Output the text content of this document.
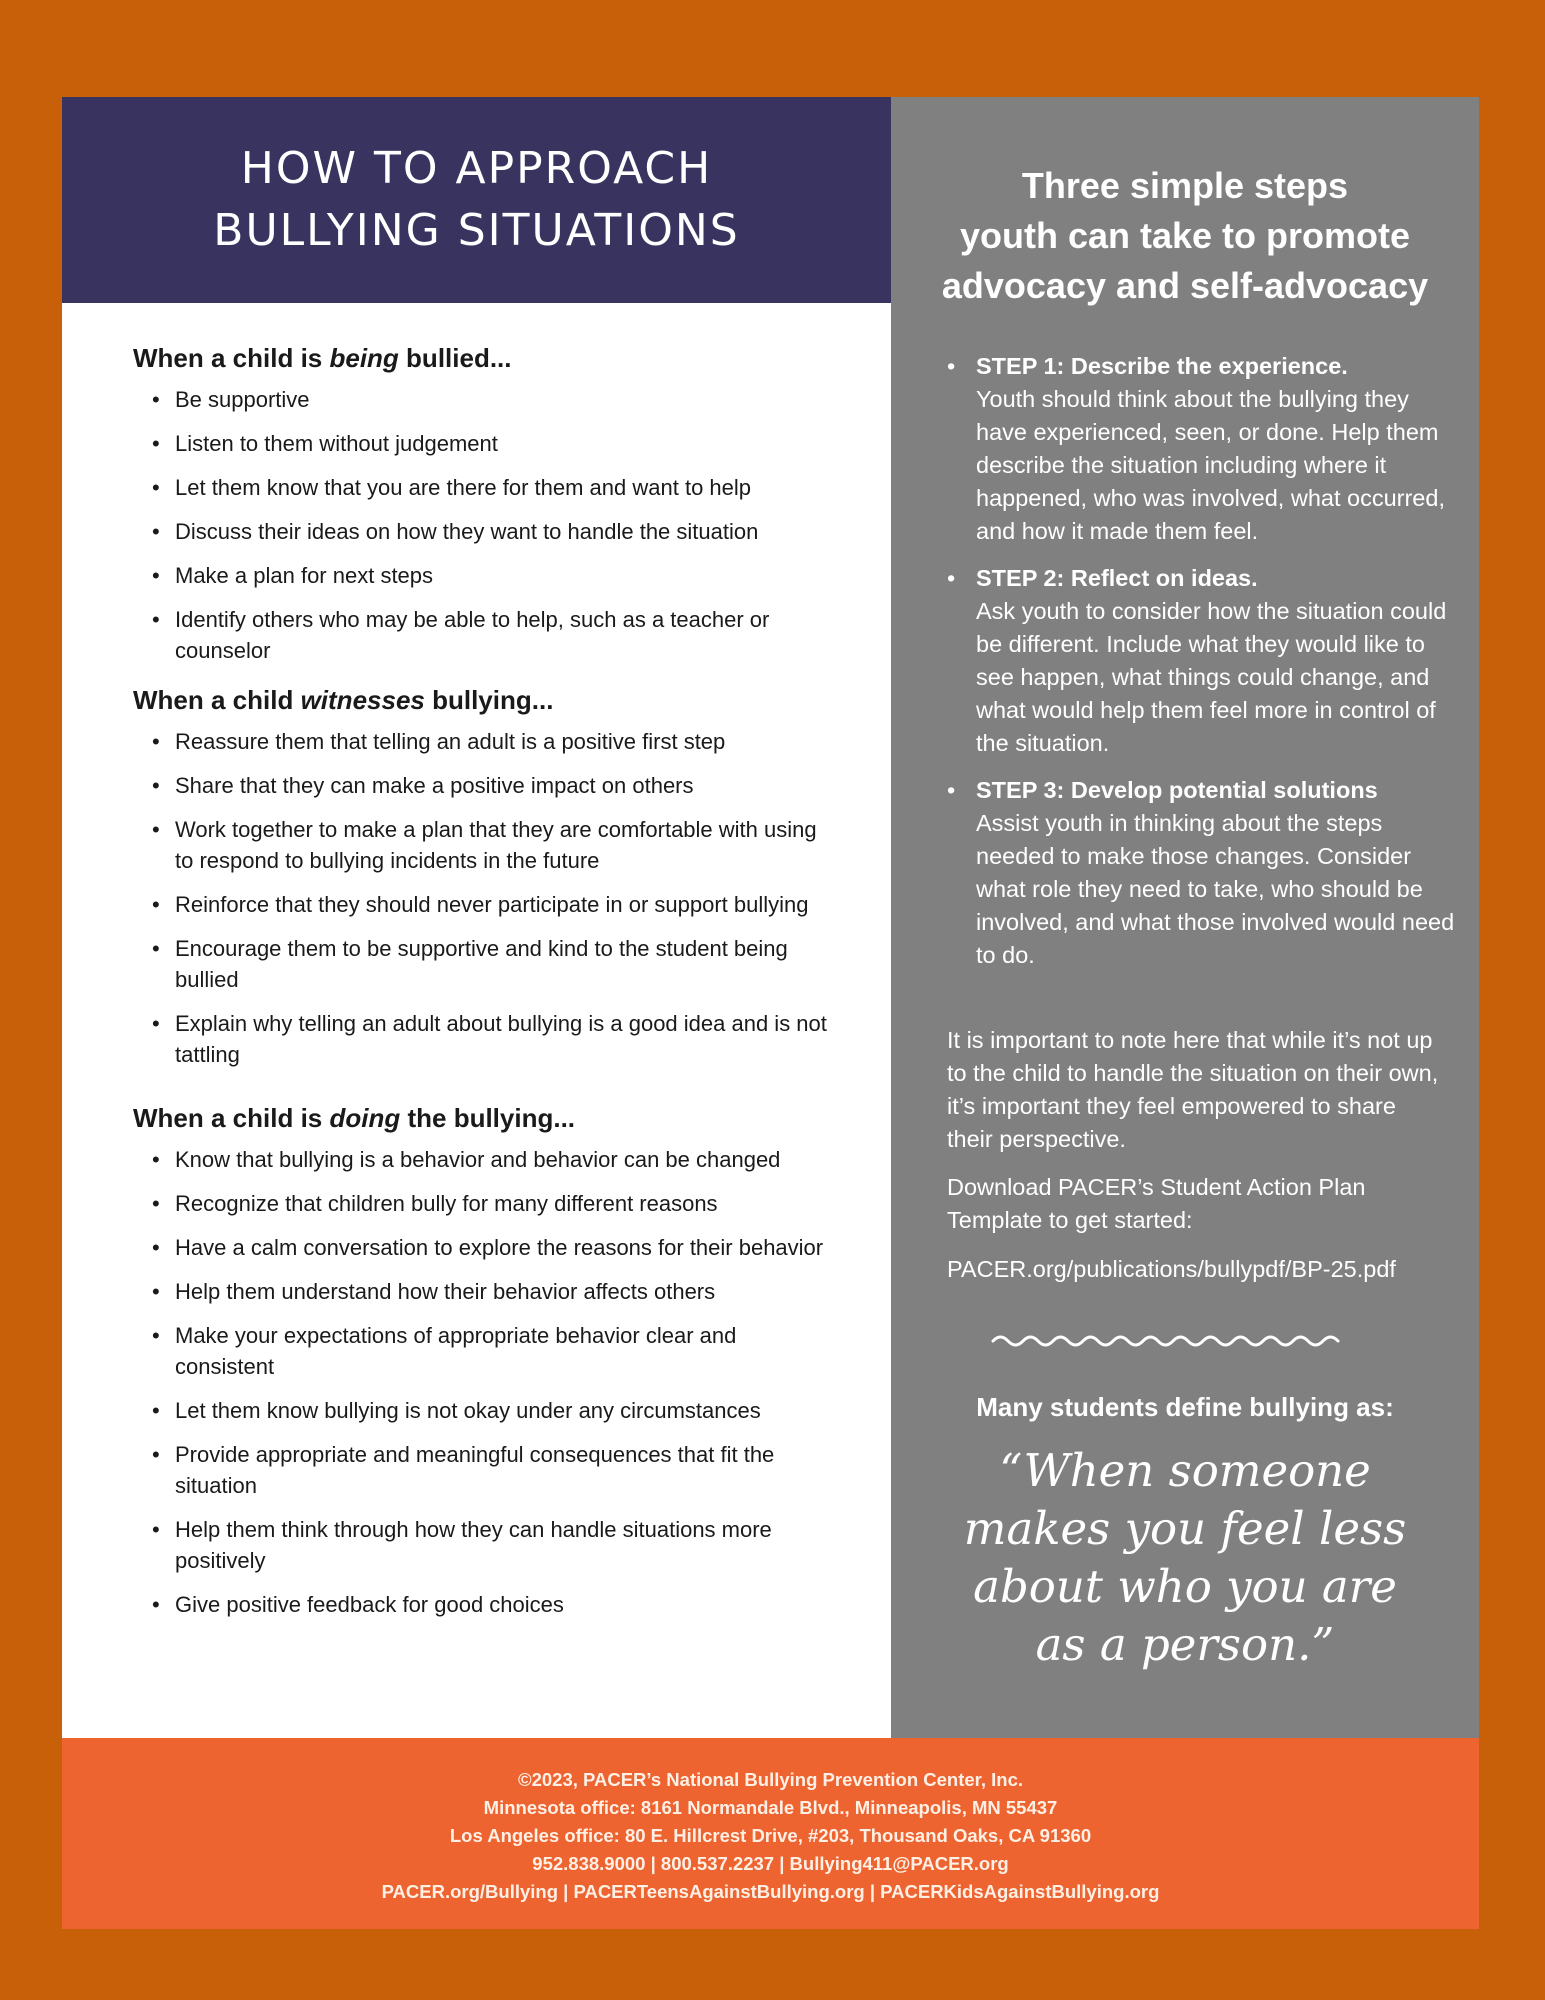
HOW TO APPROACH
BULLYING SITUATIONS
When a child is being bullied...
• Be supportive
• Listen to them without judgement
• Let them know that you are there for them and want to help
• Discuss their ideas on how they want to handle the situation
• Make a plan for next steps
• Identify others who may be able to help, such as a teacher or counselor
When a child witnesses bullying...
• Reassure them that telling an adult is a positive first step
• Share that they can make a positive impact on others
• Work together to make a plan that they are comfortable with using to respond to bullying incidents in the future
• Reinforce that they should never participate in or support bullying
• Encourage them to be supportive and kind to the student being bullied
• Explain why telling an adult about bullying is a good idea and is not tattling
When a child is doing the bullying...
• Know that bullying is a behavior and behavior can be changed
• Recognize that children bully for many different reasons
• Have a calm conversation to explore the reasons for their behavior
• Help them understand how their behavior affects others
• Make your expectations of appropriate behavior clear and consistent
• Let them know bullying is not okay under any circumstances
• Provide appropriate and meaningful consequences that fit the situation
• Help them think through how they can handle situations more positively
• Give positive feedback for good choices
Three simple steps
youth can take to promote
advocacy and self-advocacy
• STEP 1: Describe the experience.
Youth should think about the bullying they have experienced, seen, or done. Help them describe the situation including where it happened, who was involved, what occurred, and how it made them feel.
• STEP 2: Reflect on ideas.
Ask youth to consider how the situation could be different. Include what they would like to see happen, what things could change, and what would help them feel more in control of the situation.
• STEP 3: Develop potential solutions
Assist youth in thinking about the steps needed to make those changes. Consider what role they need to take, who should be involved, and what those involved would need to do.
It is important to note here that while it’s not up to the child to handle the situation on their own, it’s important they feel empowered to share their perspective.
Download PACER’s Student Action Plan Template to get started:
PACER.org/publications/bullypdf/BP-25.pdf
Many students define bullying as:
“When someone
makes you feel less
about who you are
as a person.”
©2023, PACER’s National Bullying Prevention Center, Inc.
Minnesota office: 8161 Normandale Blvd., Minneapolis, MN 55437
Los Angeles office: 80 E. Hillcrest Drive, #203, Thousand Oaks, CA 91360
952.838.9000 | 800.537.2237 | Bullying411@PACER.org
PACER.org/Bullying | PACERTeensAgainstBullying.org | PACERKidsAgainstBullying.org
